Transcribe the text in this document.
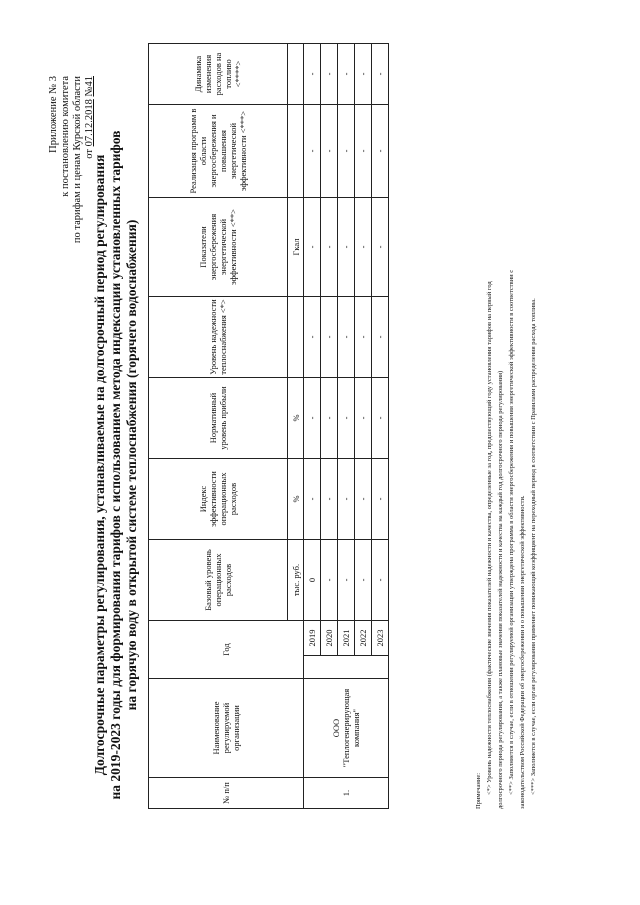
Приложение № 3 к постановлению комитета по тарифам и ценам Курской области от 07.12.2018 №41
Долгосрочные параметры регулирования, устанавливаемые на долгосрочный период регулирования на 2019-2023 годы для формирования тарифов с использованием метода индексации установленных тарифов на горячую воду в открытой системе теплоснабжения (горячего водоснабжения)
№ п/п	Наименование регулируемой организации	Год		Базовый уровень операционных расходов	Индекс эффективности операционных расходов	Нормативный уровень прибыли	Уровень надежности теплоснабжения <*>	Показатели энергосбережения энергетической эффективности <**>	Реализация программ в области энергосбережения и повышения энергетической эффективности <***>	Динамика изменения расходов на топливо <****>
				тыс. руб.	%	%		Гкал		
1.	ООО "Теплогенерирующая компания"		2019	0	-	-	-	-	-	-
			2020	-	-	-	-	-	-	-
			2021	-	-	-	-	-	-	-
			2022	-	-	-	-	-	-	-
			2023	-	-	-	-	-	-	-
Примечание: <*> Уровень надежности теплоснабжения (фактические значения показателей надежности и качества, определенные за год, предшествующий году установления тарифов на первый год долгосрочного периода регулирования, а также плановые значения показателей надежности и качества на каждый год долгосрочного периода регулирования) <**> Заполняется в случае, если в отношении регулируемой организации утверждена программа в области энергосбережения и повышения энергетической эффективности в соответствии с законодательством Российской Федерации об энергосбережении и о повышении энергетической эффективности. <***> Заполняется в случае, если орган регулирования применяет понижающий коэффициент на переходный период в соответствии с Правилами распределения расхода топлива.
